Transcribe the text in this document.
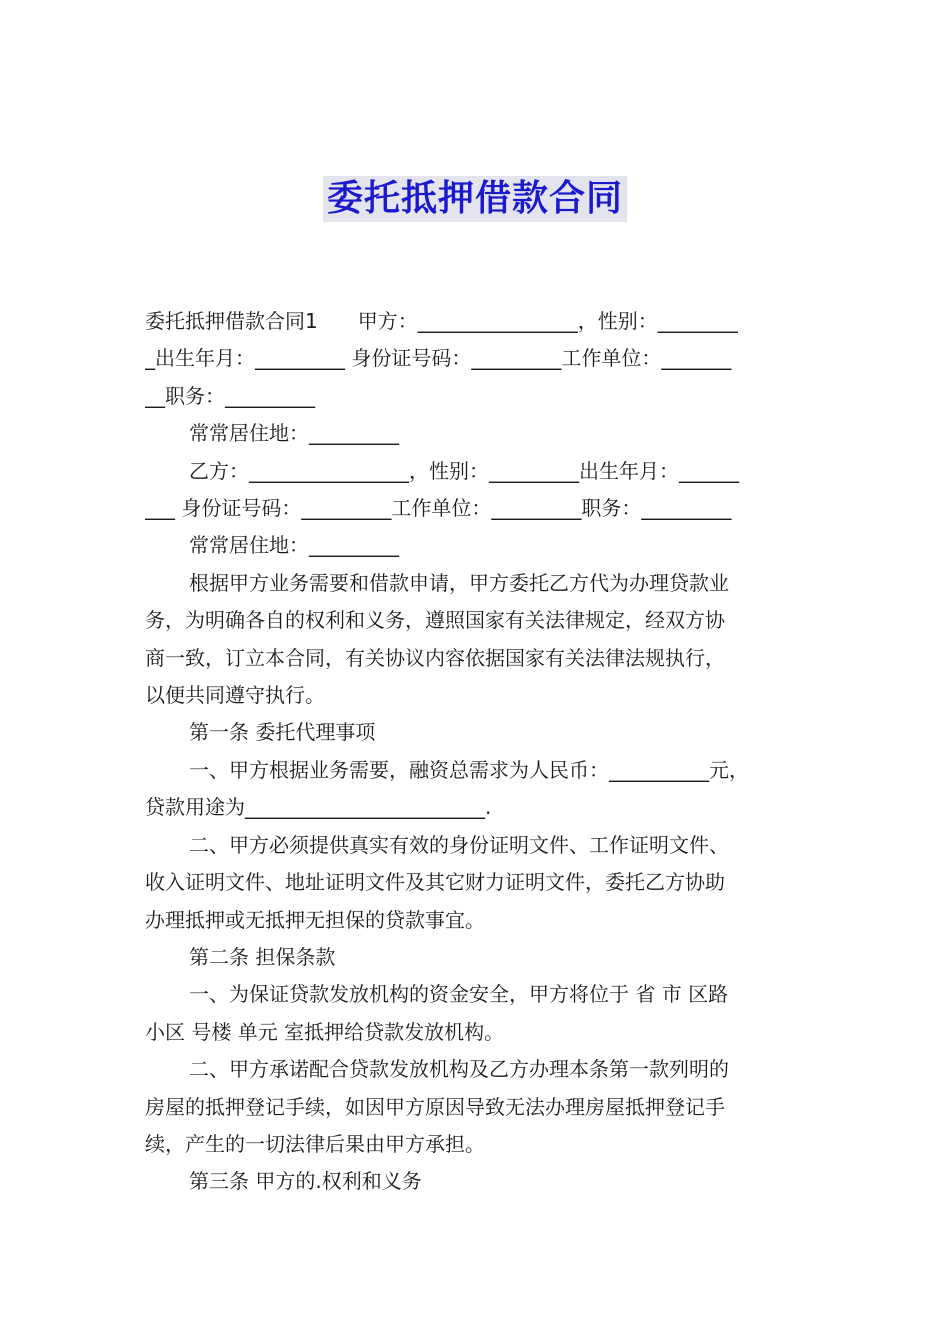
委托抵押借款合同

委托抵押借款合同1　　甲方：________________，性别：________

_出生年月：_________ 身份证号码：_________工作单位：_______

__职务：_________

常常居住地：_________

乙方：________________，性别：_________出生年月：______

___ 身份证号码：_________工作单位：_________职务：_________

常常居住地：_________

根据甲方业务需要和借款申请，甲方委托乙方代为办理贷款业

务，为明确各自的权利和义务，遵照国家有关法律规定，经双方协

商一致，订立本合同，有关协议内容依据国家有关法律法规执行，

以便共同遵守执行。

第一条 委托代理事项

一、甲方根据业务需要，融资总需求为人民币：__________元，

贷款用途为________________________.

二、甲方必须提供真实有效的身份证明文件、工作证明文件、

收入证明文件、地址证明文件及其它财力证明文件，委托乙方协助

办理抵押或无抵押无担保的贷款事宜。

第二条 担保条款

一、为保证贷款发放机构的资金安全，甲方将位于 省 市 区路

小区 号楼 单元 室抵押给贷款发放机构。

二、甲方承诺配合贷款发放机构及乙方办理本条第一款列明的

房屋的抵押登记手续，如因甲方原因导致无法办理房屋抵押登记手

续，产生的一切法律后果由甲方承担。

第三条 甲方的.权利和义务
